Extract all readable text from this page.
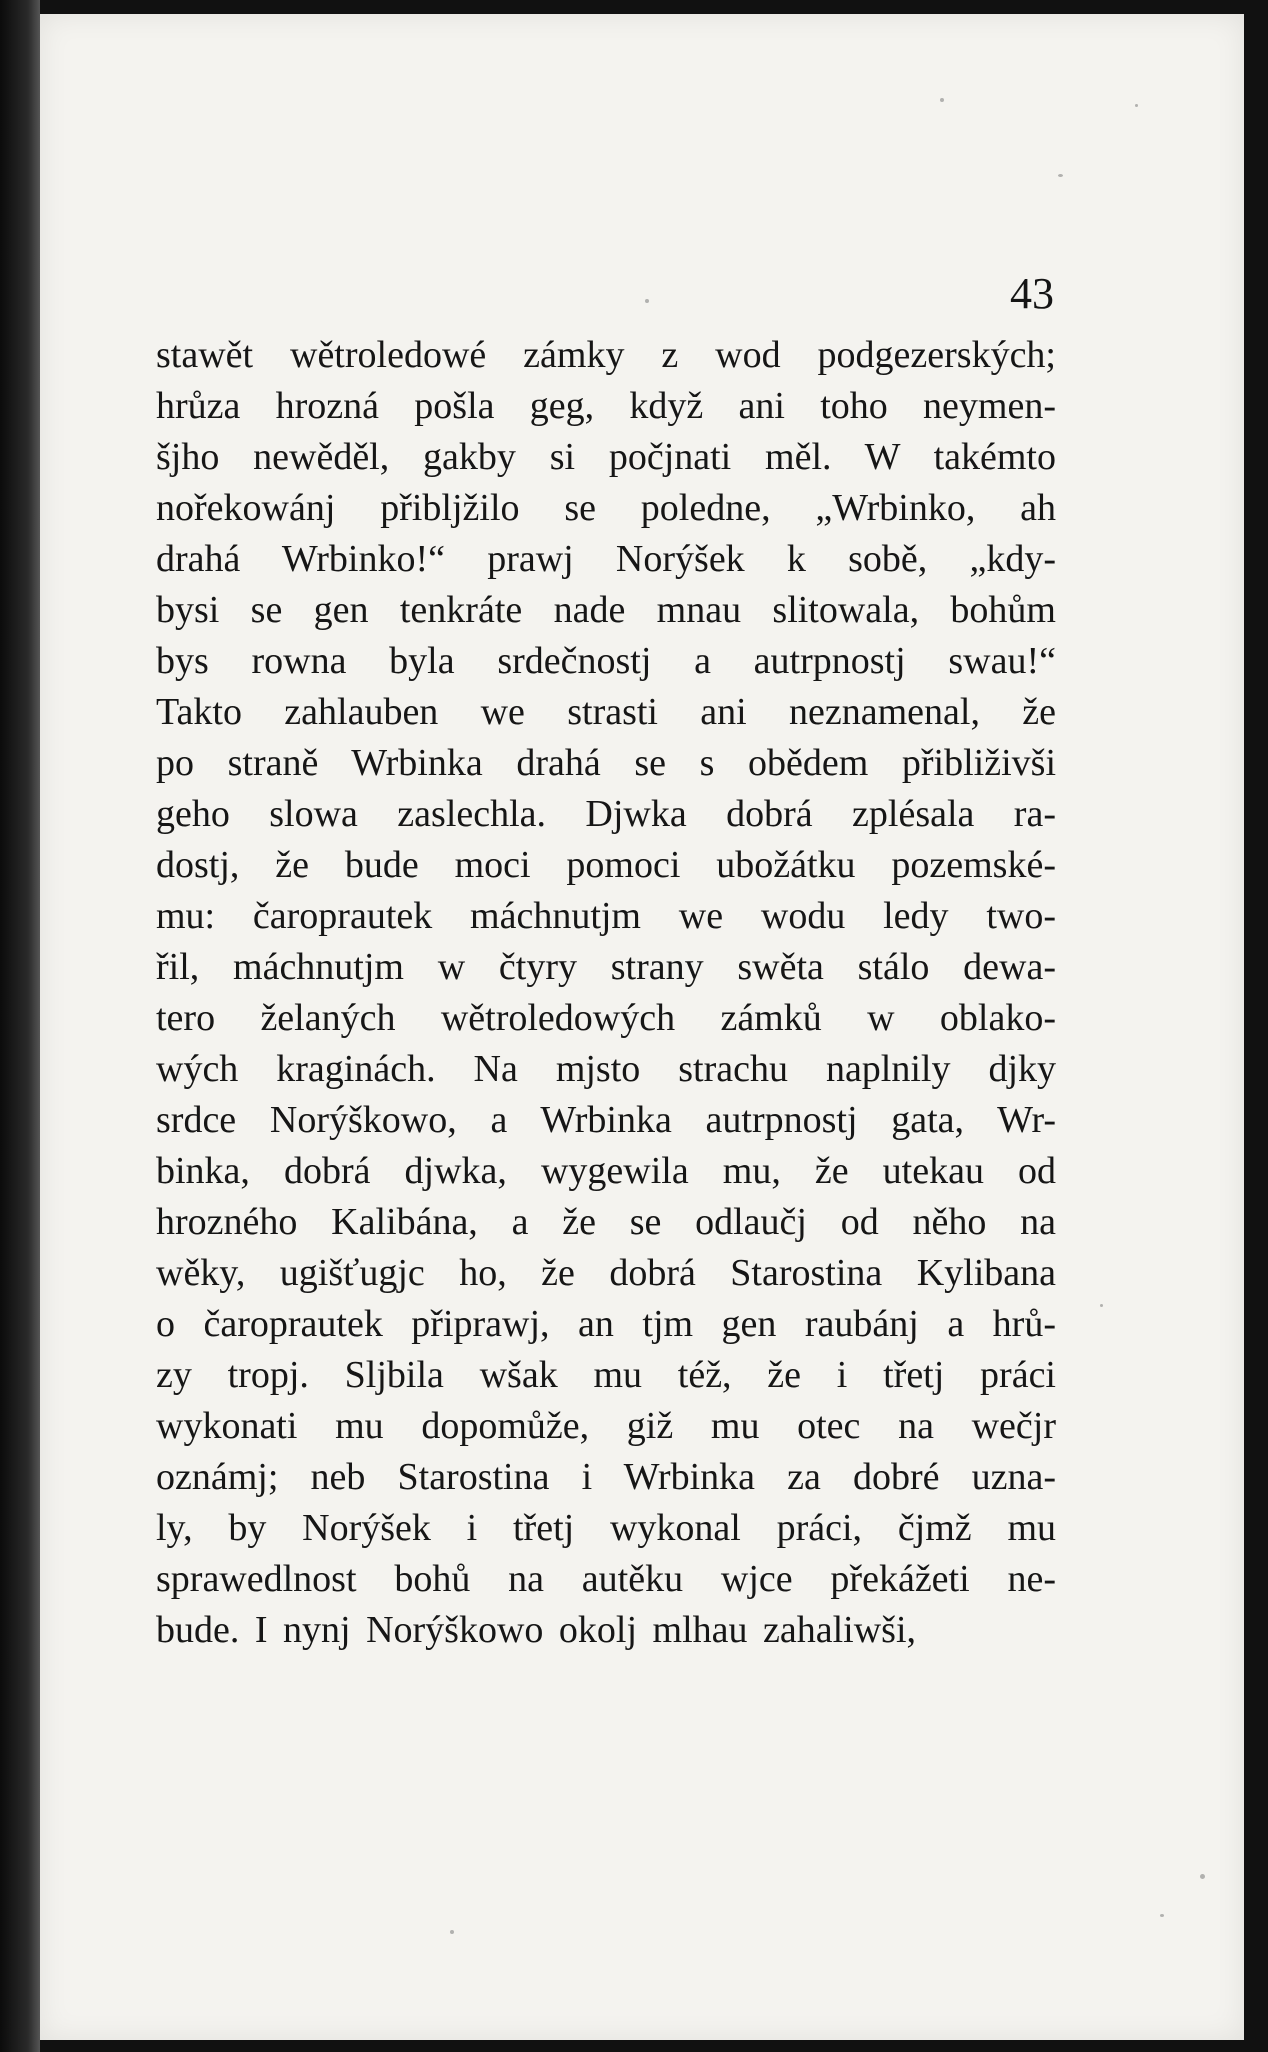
43

stawět wětroledowé zámky z wod podgezerských;
hrůza hrozná pošla geg, když ani toho neymen-
šjho newěděl, gakby si počjnati měl. W takémto
nořekowánj přibljžilo se poledne, „Wrbinko, ah
drahá Wrbinko!“ prawj Norýšek k sobě, „kdy-
bysi se gen tenkráte nade mnau slitowala, bohům
bys rowna byla srdečnostj a autrpnostj swau!“
Takto zahlauben we strasti ani neznamenal, že
po straně Wrbinka drahá se s obědem přibliživši
geho slowa zaslechla. Djwka dobrá zplésala ra-
dostj, že bude moci pomoci ubožátku pozemské-
mu: čaroprautek máchnutjm we wodu ledy two-
řil, máchnutjm w čtyry strany swěta stálo dewa-
tero želaných wětroledowých zámků w oblako-
wých kraginách. Na mjsto strachu naplnily djky
srdce Norýškowo, a Wrbinka autrpnostj gata, Wr-
binka, dobrá djwka, wygewila mu, že utekau od
hrozného Kalibána, a že se odlaučj od něho na
wěky, ugišťugjc ho, že dobrá Starostina Kylibana
o čaroprautek připrawj, an tjm gen raubánj a hrů-
zy tropj. Sljbila wšak mu též, že i třetj práci
wykonati mu dopomůže, giž mu otec na wečjr
oznámj; neb Starostina i Wrbinka za dobré uzna-
ly, by Norýšek i třetj wykonal práci, čjmž mu
sprawedlnost bohů na autěku wjce překážeti ne-
bude. I nynj Norýškowo okolj mlhau zahaliwši,
